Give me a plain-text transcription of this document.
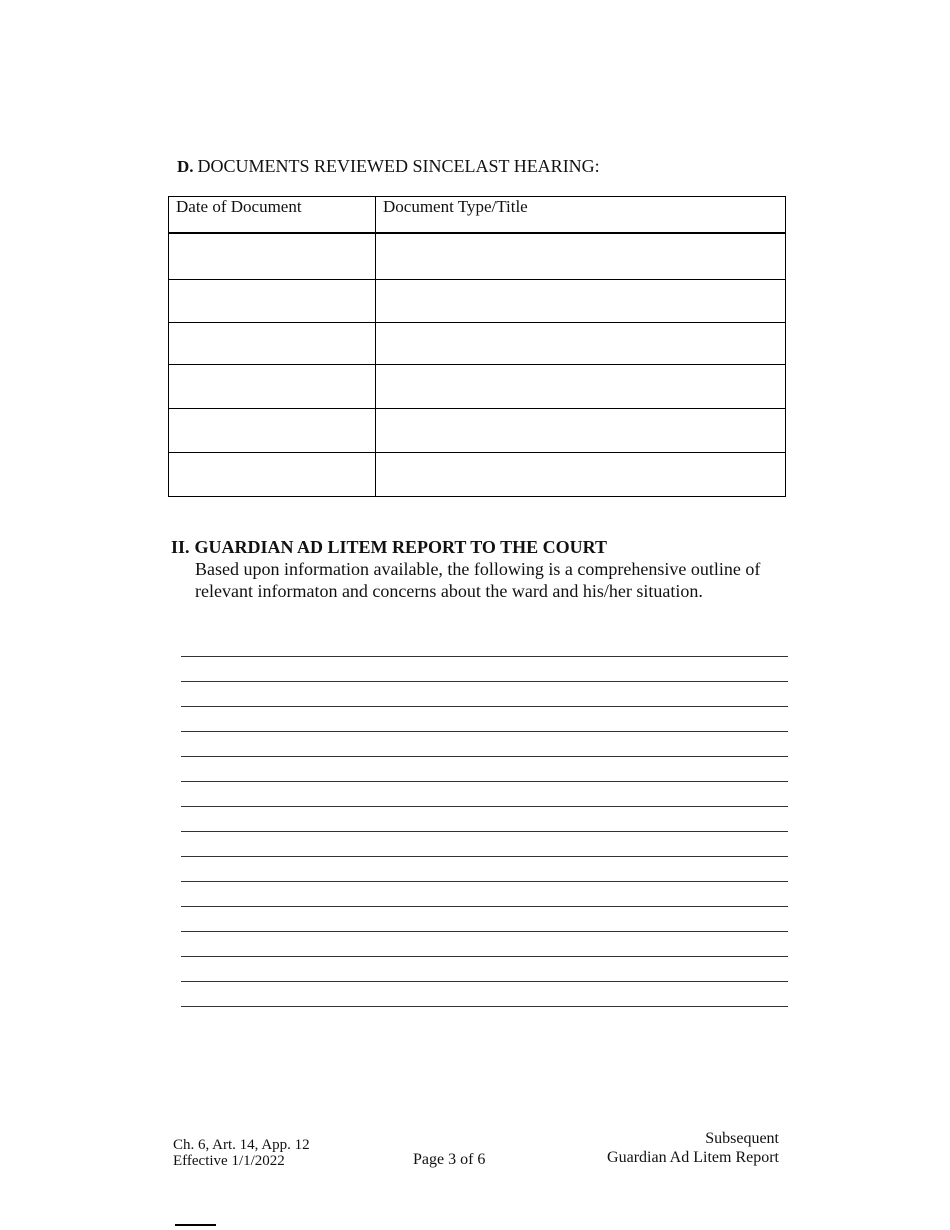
D. DOCUMENTS REVIEWED SINCELAST HEARING:
Date of Document	Document Type/Title

II. GUARDIAN AD LITEM REPORT TO THE COURT
Based upon information available, the following is a comprehensive outline of relevant informaton and concerns about the ward and his/her situation.
Ch. 6, Art. 14, App. 12
Effective 1/1/2022	Page 3 of 6
Subsequent
Guardian Ad Litem Report
